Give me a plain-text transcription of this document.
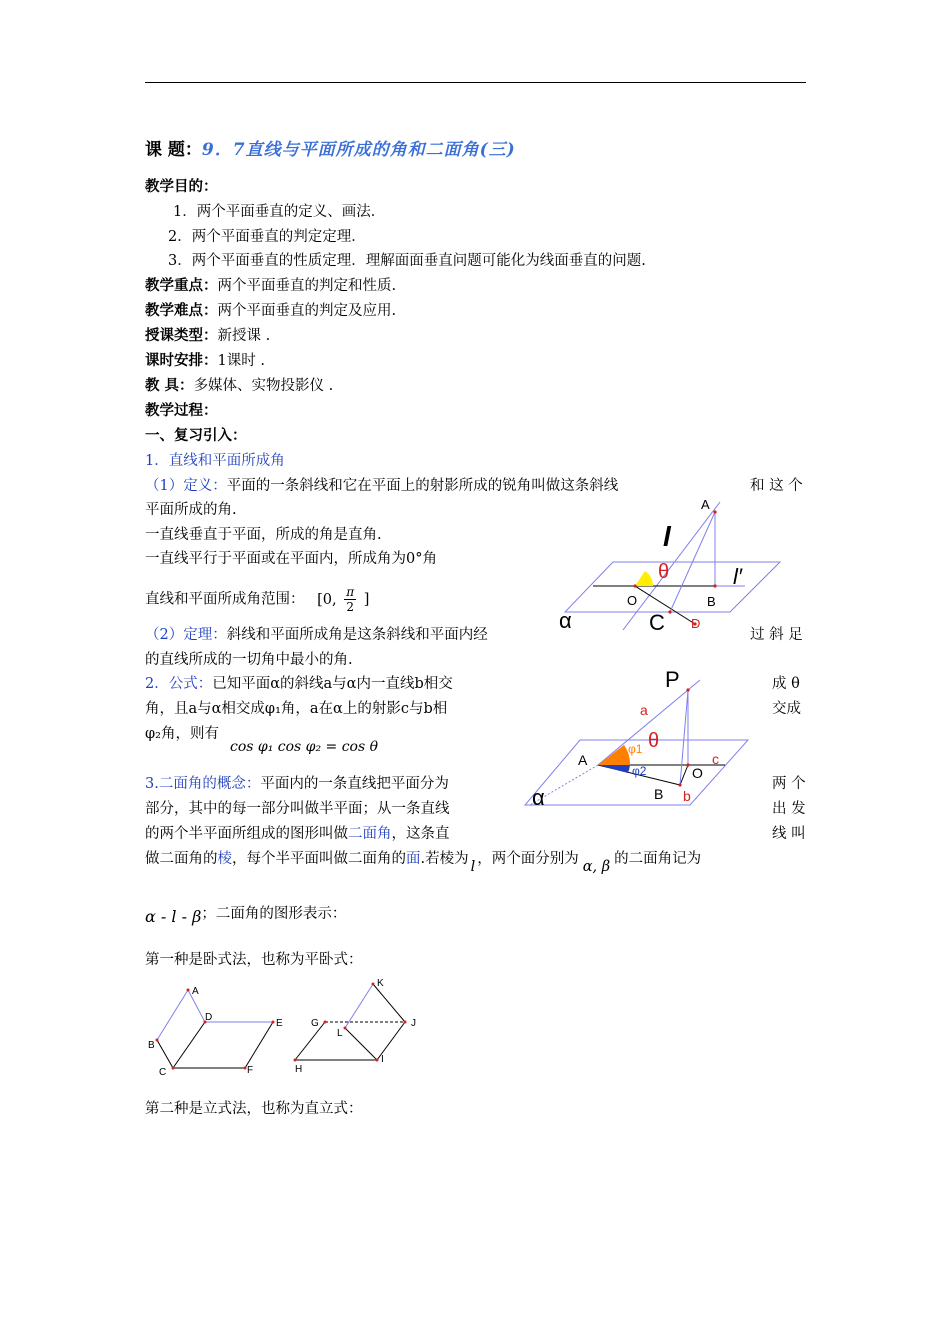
课 题：9．7直线与平面所成的角和二面角(三)
教学目的：
1．两个平面垂直的定义、画法．
2．两个平面垂直的判定定理．
3．两个平面垂直的性质定理．理解面面垂直问题可能化为线面垂直的问题.
教学重点：两个平面垂直的判定和性质.
教学难点：两个平面垂直的判定及应用.
授课类型：新授课 .
课时安排：1课时 .
教 具：多媒体、实物投影仪 .
教学过程：
一、复习引入：
1．直线和平面所成角
（1）定义：平面的一条斜线和它在平面上的射影所成的锐角叫做这条斜线	和 这 个
平面所成的角.
一直线垂直于平面，所成的角是直角.
一直线平行于平面或在平面内，所成角为0°角
直线和平面所成角范围： [0, $\frac{\pi}{2}$ ]
（2）定理：斜线和平面所成角是这条斜线和平面内经	过 斜 足
的直线所成的一切角中最小的角.
2．公式：已知平面α的斜线a与α内一直线b相交	成 θ
角，且a与α相交成φ₁角，a在α上的射影c与b相	交成
φ₂角，则有
cos φ₁ cos φ₂ = cos θ
3.二面角的概念：平面内的一条直线把平面分为	两 个
部分，其中的每一部分叫做半平面；从一条直线	出 发
的两个半平面所组成的图形叫做二面角，这条直	线 叫
做二面角的棱，每个半平面叫做二面角的面.若棱为 l ，两个面分别为 α, β 的二面角记为
α - l - β；二面角的图形表示：
第一种是卧式法，也称为平卧式：
第二种是立式法，也称为直立式：
A
l
θ	l′
O	B
C D
α
P
a
θ
φ1
φ2
A	c
O
B b
α
A
D
E
B
C	F
K
G	J
L
H
I
